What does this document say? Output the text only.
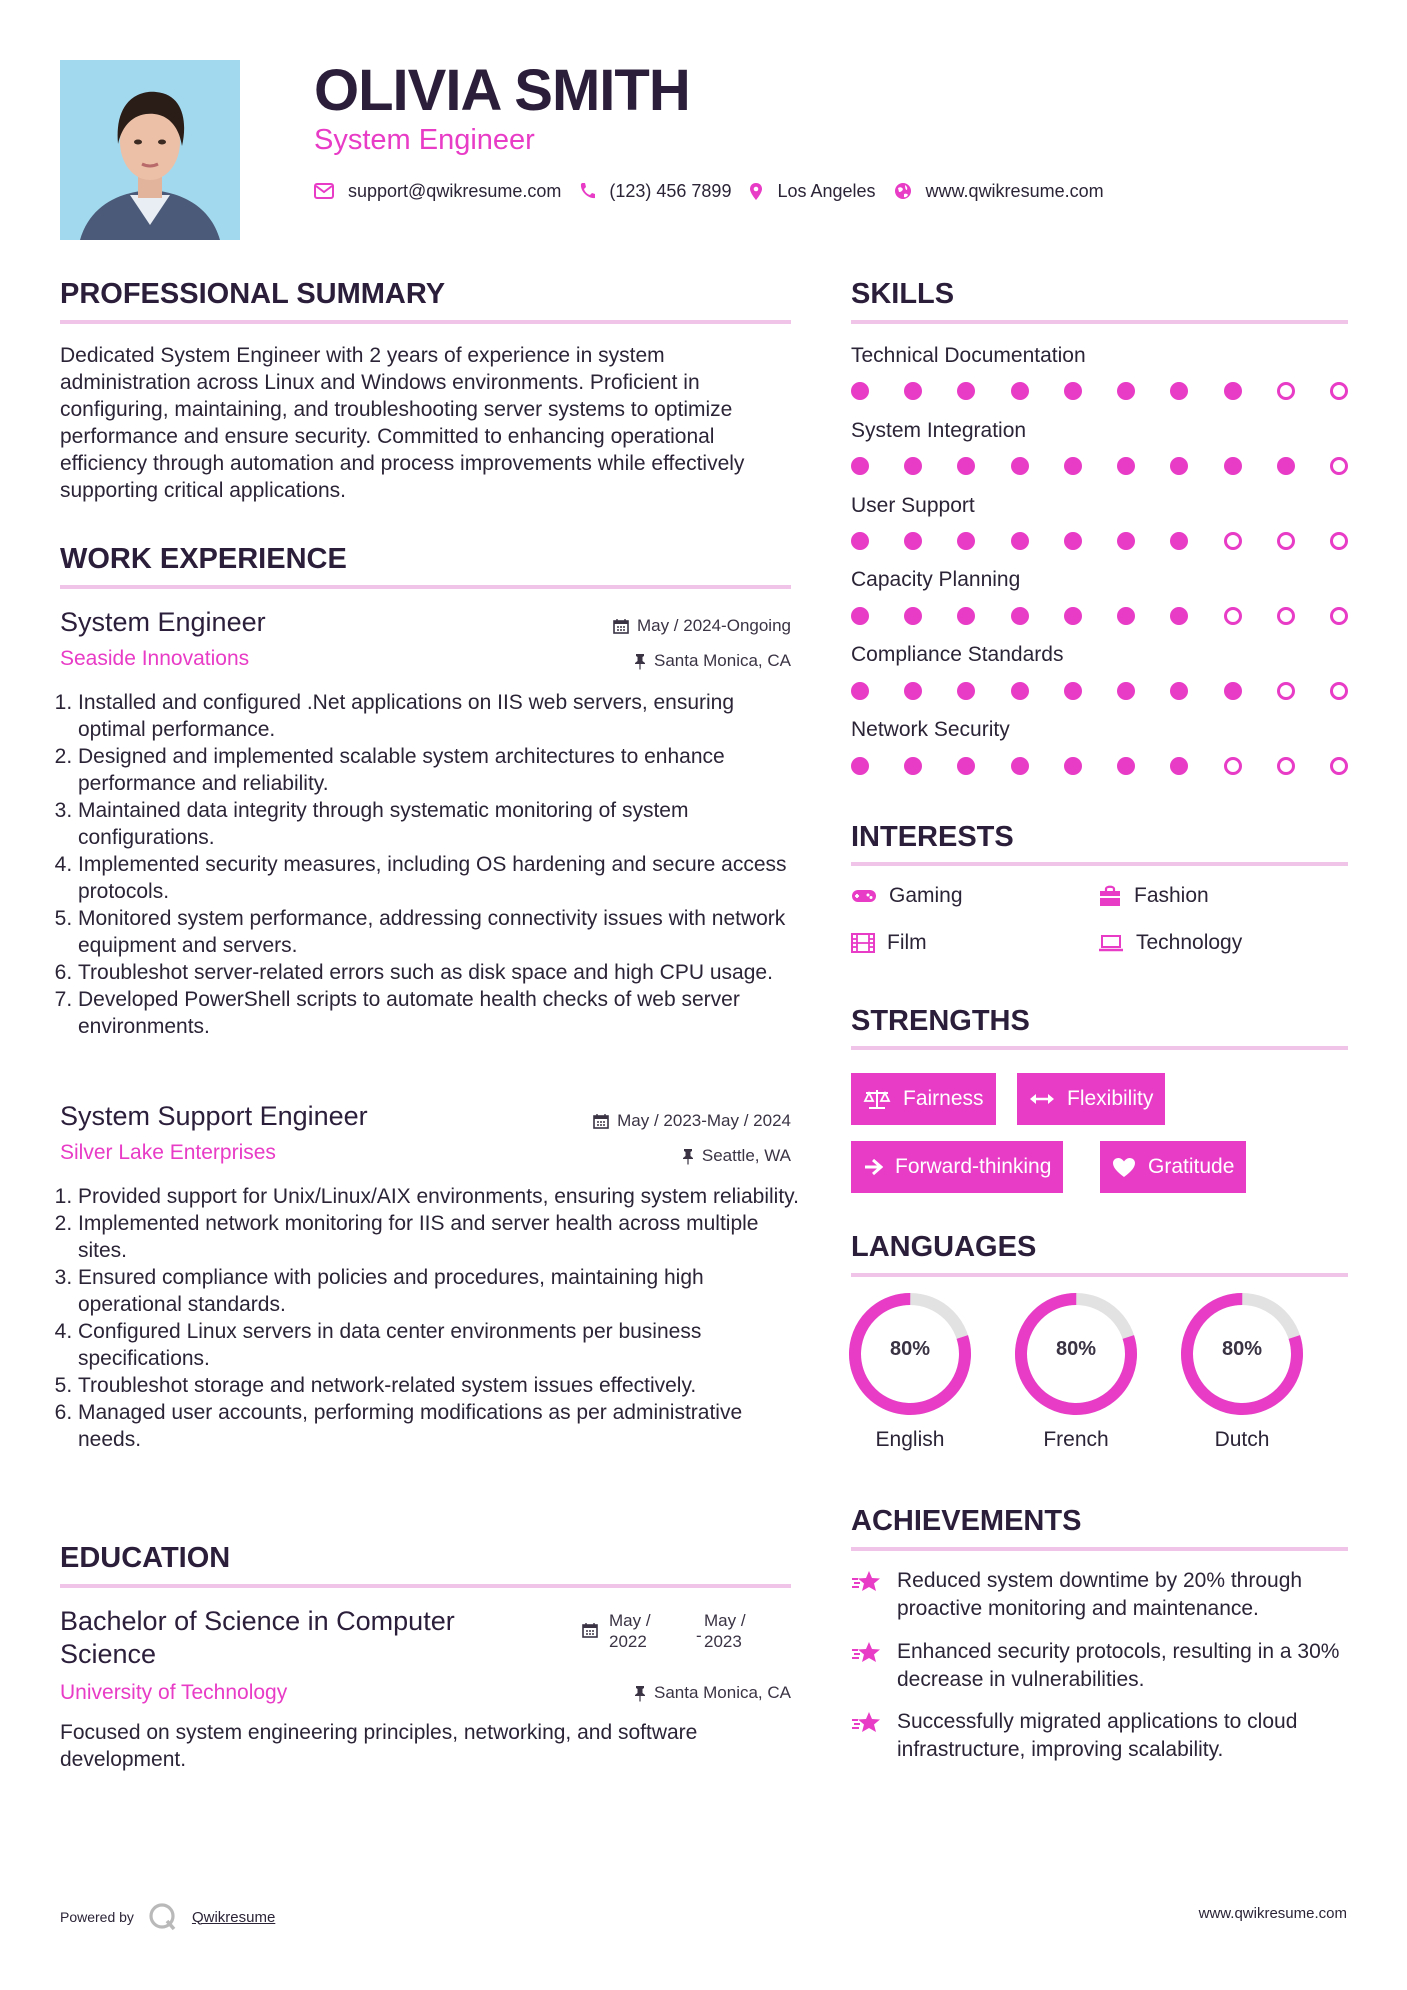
OLIVIA SMITH
System Engineer
support@qwikresume.com	(123) 456 7899	Los Angeles	www.qwikresume.com
PROFESSIONAL SUMMARY
Dedicated System Engineer with 2 years of experience in system administration across Linux and Windows environments. Proficient in configuring, maintaining, and troubleshooting server systems to optimize performance and ensure security. Committed to enhancing operational efficiency through automation and process improvements while effectively supporting critical applications.
WORK EXPERIENCE
System Engineer	May / 2024-Ongoing
Seaside Innovations	Santa Monica, CA
1. Installed and configured .Net applications on IIS web servers, ensuring optimal performance.
2. Designed and implemented scalable system architectures to enhance performance and reliability.
3. Maintained data integrity through systematic monitoring of system configurations.
4. Implemented security measures, including OS hardening and secure access protocols.
5. Monitored system performance, addressing connectivity issues with network equipment and servers.
6. Troubleshot server-related errors such as disk space and high CPU usage.
7. Developed PowerShell scripts to automate health checks of web server environments.
System Support Engineer	May / 2023-May / 2024
Silver Lake Enterprises	Seattle, WA
1. Provided support for Unix/Linux/AIX environments, ensuring system reliability.
2. Implemented network monitoring for IIS and server health across multiple sites.
3. Ensured compliance with policies and procedures, maintaining high operational standards.
4. Configured Linux servers in data center environments per business specifications.
5. Troubleshot storage and network-related system issues effectively.
6. Managed user accounts, performing modifications as per administrative needs.
EDUCATION
Bachelor of Science in Computer Science
May / 2022	-
May / 2023
University of Technology	Santa Monica, CA
Focused on system engineering principles, networking, and software development.
SKILLS
Technical Documentation
System Integration
User Support
Capacity Planning
Compliance Standards
Network Security
INTERESTS
Gaming	Fashion
Film	Technology
STRENGTHS
Fairness	Flexibility
Forward-thinking	Gratitude
LANGUAGES
80%
English
80%
French
80%
Dutch
ACHIEVEMENTS
Reduced system downtime by 20% through proactive monitoring and maintenance.
Enhanced security protocols, resulting in a 30% decrease in vulnerabilities.
Successfully migrated applications to cloud infrastructure, improving scalability.
Powered by	Qwikresume	www.qwikresume.com
